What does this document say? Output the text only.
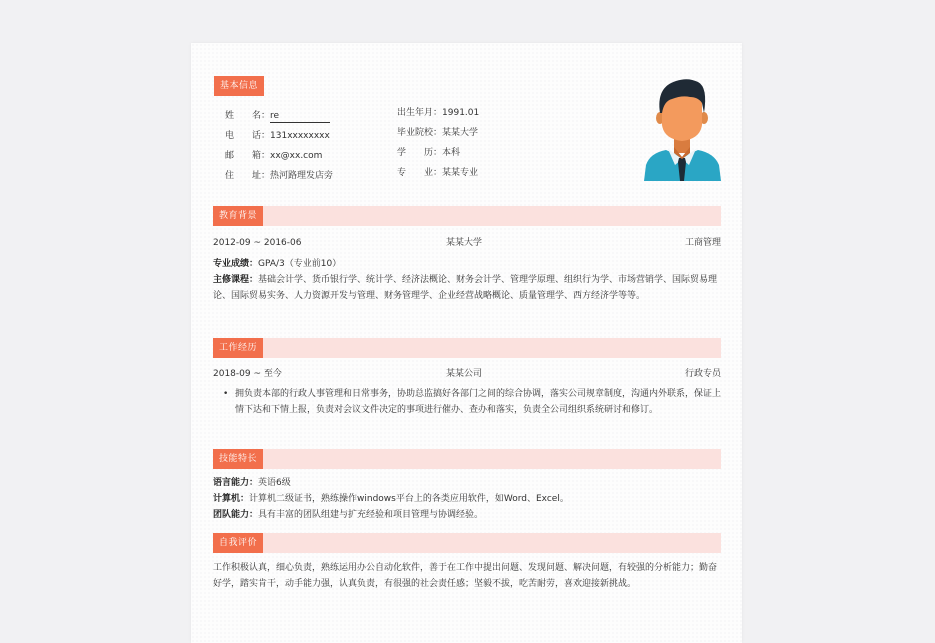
基本信息
姓　　名：re
电　　话：131xxxxxxxx
邮　　箱：xx@xx.com
住　　址：热河路理发店旁
出生年月：1991.01
毕业院校：某某大学
学　　历：本科
专　　业：某某专业
教育背景
2012-09 ~ 2016-06	某某大学	工商管理
专业成绩：GPA/3（专业前10）
主修课程：基础会计学、货币银行学、统计学、经济法概论、财务会计学、管理学原理、组织行为学、市场营销学、国际贸易理论、国际贸易实务、人力资源开发与管理、财务管理学、企业经营战略概论、质量管理学、西方经济学等等。
工作经历
2018-09 ~ 至今	某某公司	行政专员
• 拥负责本部的行政人事管理和日常事务，协助总监搞好各部门之间的综合协调，落实公司规章制度，沟通内外联系，保证上情下达和下情上报，负责对会议文件决定的事项进行催办、查办和落实，负责全公司组织系统研讨和修订。
技能特长
语言能力：英语6级
计算机：计算机二级证书，熟练操作windows平台上的各类应用软件，如Word、Excel。
团队能力：具有丰富的团队组建与扩充经验和项目管理与协调经验。
自我评价
工作积极认真，细心负责，熟练运用办公自动化软件，善于在工作中提出问题、发现问题、解决问题，有较强的分析能力；勤奋好学，踏实肯干，动手能力强，认真负责，有很强的社会责任感；坚毅不拔，吃苦耐劳，喜欢迎接新挑战。
